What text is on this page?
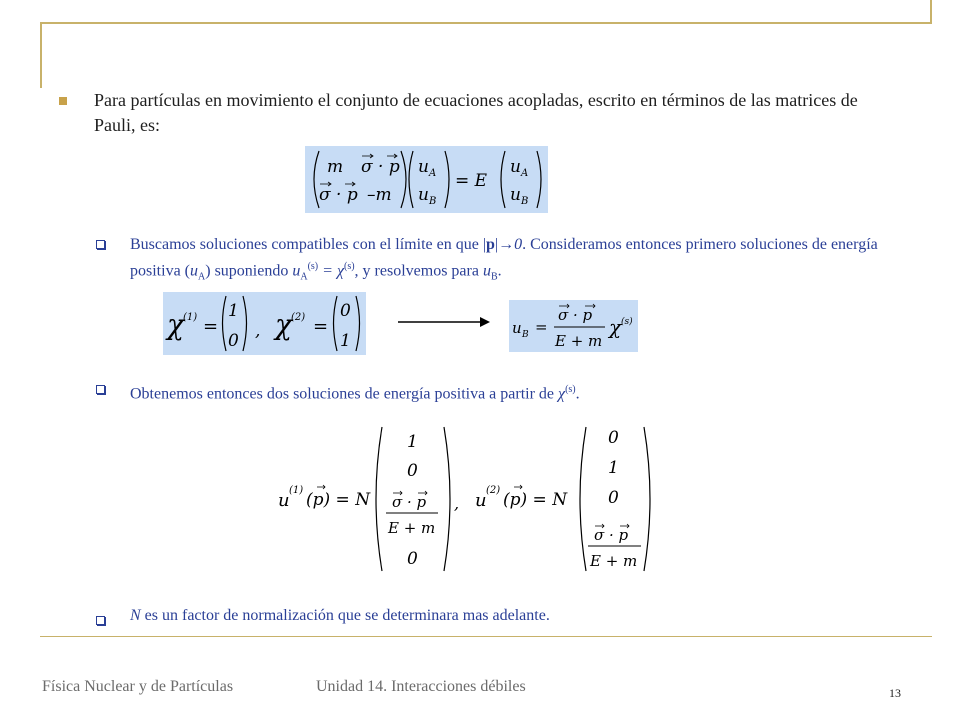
Para partículas en movimiento el conjunto de ecuaciones acopladas, escrito en términos de las matrices de Pauli, es:
m σ · p
σ · p –m
u A
u B
= E
u A
u B
Buscamos soluciones compatibles con el límite en que |p|→0. Consideramos entonces primero soluciones de energía positiva $(u_A)$ suponiendo $u_A^{(s)} = \chi^{(s)}$, y resolvemos para $u_B$.
χ (1) =
1
0 , χ (2) =
0
1
u B =
σ · p
E + m
χ (s)
Obtenemos entonces dos soluciones de energía positiva a partir de $\chi^{(s)}$.
u (1) (p) = N
1
0
σ · p
E + m
0
, u (2) (p) = N
0
1
0
σ · p
E + m
N es un factor de normalización que se determinara mas adelante.
Física Nuclear y de Partículas	Unidad 14. Interacciones débiles	13
